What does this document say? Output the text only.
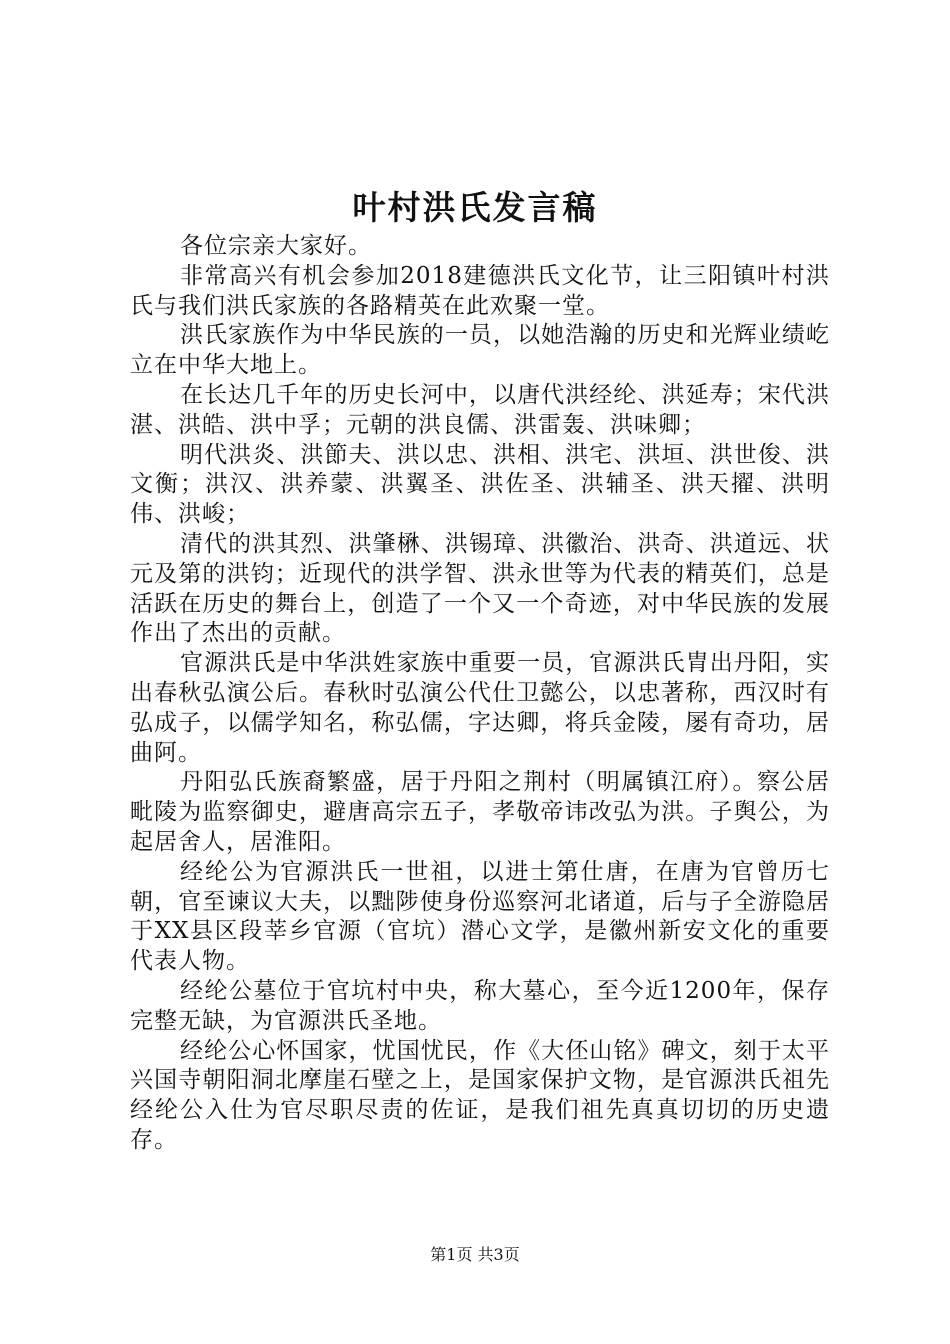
叶村洪氏发言稿

各位宗亲大家好。

非常高兴有机会参加2018建德洪氏文化节，让三阳镇叶村洪氏与我们洪氏家族的各路精英在此欢聚一堂。

洪氏家族作为中华民族的一员，以她浩瀚的历史和光辉业绩屹立在中华大地上。

在长达几千年的历史长河中，以唐代洪经纶、洪延寿；宋代洪湛、洪皓、洪中孚；元朝的洪良儒、洪雷轰、洪味卿；

明代洪炎、洪節夫、洪以忠、洪相、洪宅、洪垣、洪世俊、洪文衡；洪汉、洪养蒙、洪翼圣、洪佐圣、洪辅圣、洪天擢、洪明伟、洪峻；

清代的洪其烈、洪肇楙、洪锡璋、洪徽治、洪奇、洪道远、状元及第的洪钧；近现代的洪学智、洪永世等为代表的精英们，总是活跃在历史的舞台上，创造了一个又一个奇迹，对中华民族的发展作出了杰出的贡献。

官源洪氏是中华洪姓家族中重要一员，官源洪氏胄出丹阳，实出春秋弘演公后。春秋时弘演公代仕卫懿公，以忠著称，西汉时有弘成子，以儒学知名，称弘儒，字达卿，将兵金陵，屡有奇功，居曲阿。

丹阳弘氏族裔繁盛，居于丹阳之荆村（明属镇江府）。察公居毗陵为监察御史，避唐高宗五子，孝敬帝讳改弘为洪。子舆公，为起居舍人，居淮阳。

经纶公为官源洪氏一世祖，以进士第仕唐，在唐为官曾历七朝，官至谏议大夫，以黜陟使身份巡察河北诸道，后与子全游隐居于XX县区段莘乡官源（官坑）潜心文学，是徽州新安文化的重要代表人物。

经纶公墓位于官坑村中央，称大墓心，至今近1200年，保存完整无缺，为官源洪氏圣地。

经纶公心怀国家，忧国忧民，作《大伾山铭》碑文，刻于太平兴国寺朝阳洞北摩崖石壁之上，是国家保护文物，是官源洪氏祖先经纶公入仕为官尽职尽责的佐证，是我们祖先真真切切的历史遗存。

第1页 共3页
